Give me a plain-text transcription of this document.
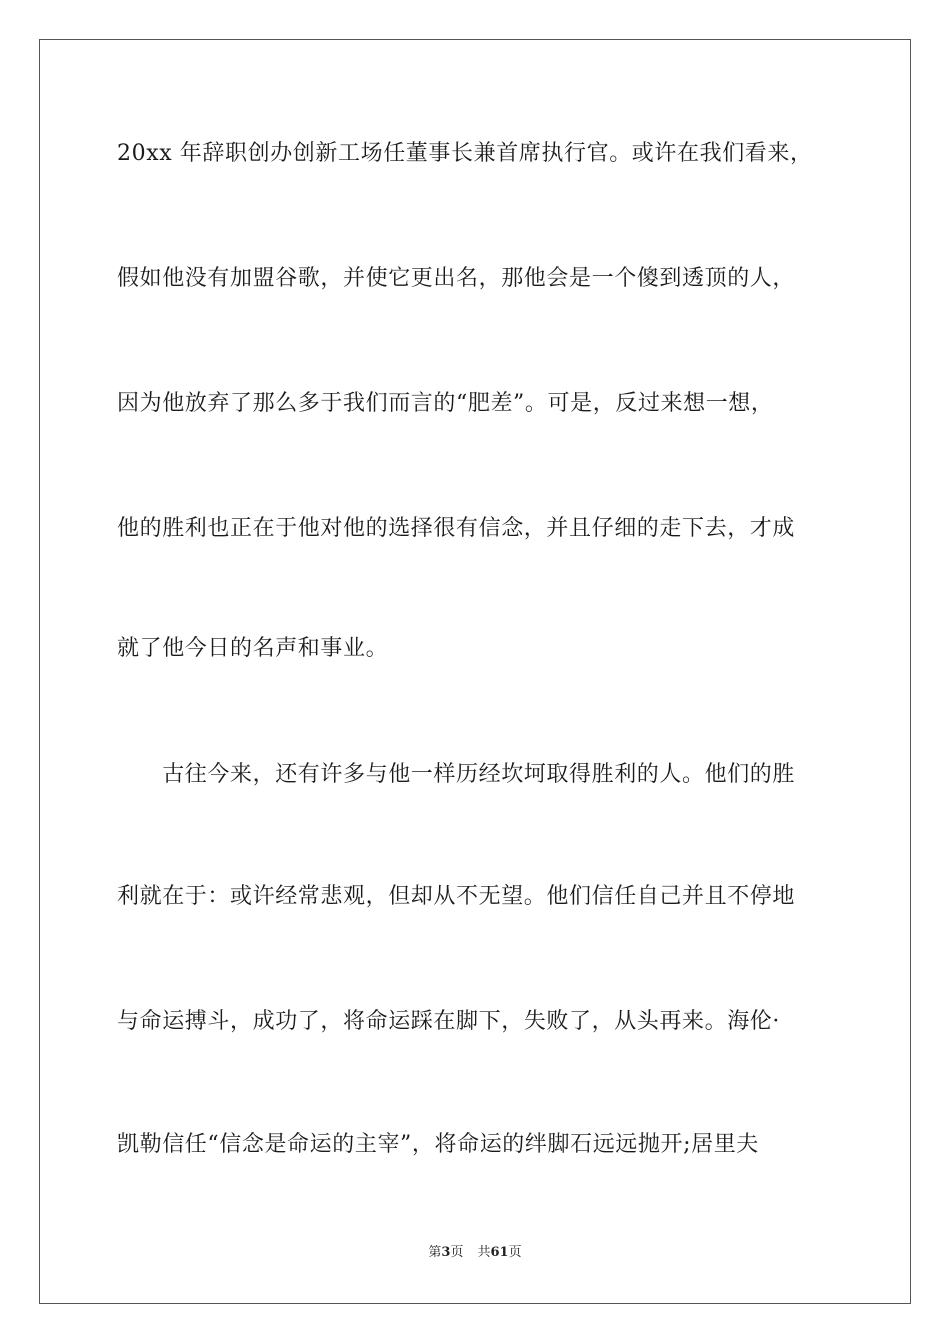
20xx 年辞职创办创新工场任董事长兼首席执行官。或许在我们看来，
假如他没有加盟谷歌，并使它更出名，那他会是一个傻到透顶的人，
因为他放弃了那么多于我们而言的“肥差”。可是，反过来想一想，
他的胜利也正在于他对他的选择很有信念，并且仔细的走下去，才成
就了他今日的名声和事业。
　　古往今来，还有许多与他一样历经坎坷取得胜利的人。他们的胜
利就在于：或许经常悲观，但却从不无望。他们信任自己并且不停地
与命运搏斗，成功了，将命运踩在脚下，失败了，从头再来。海伦·
凯勒信任“信念是命运的主宰”，将命运的绊脚石远远抛开;居里夫
第3页 共61页
